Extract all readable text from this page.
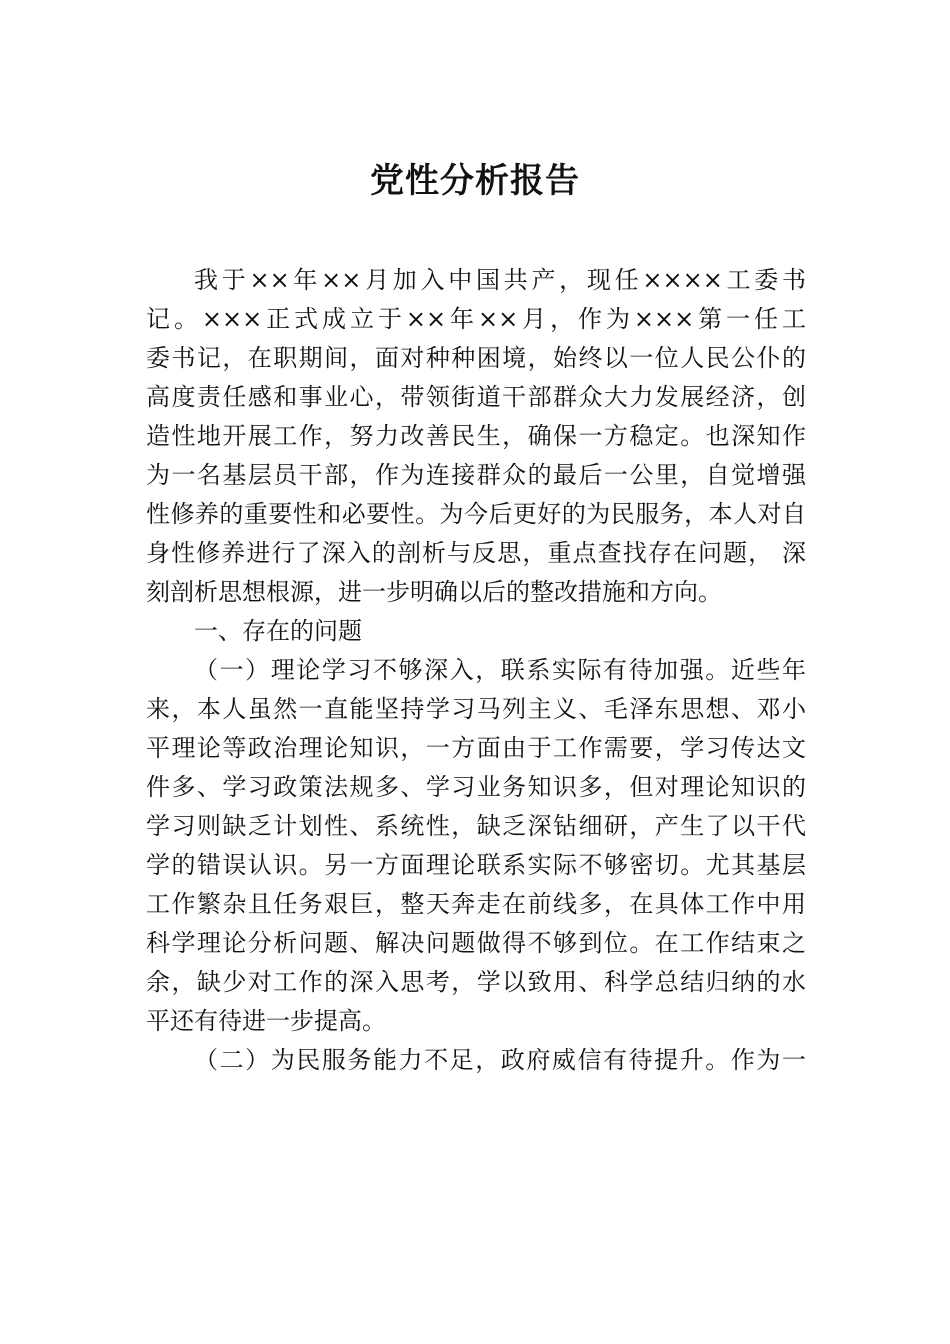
党性分析报告

我于××年××月加入中国共产，现任××××工委书

记。×××正式成立于××年××月，作为×××第一任工

委书记，在职期间，面对种种困境，始终以一位人民公仆的

高度责任感和事业心，带领街道干部群众大力发展经济，创

造性地开展工作，努力改善民生，确保一方稳定。也深知作

为一名基层员干部，作为连接群众的最后一公里，自觉增强

性修养的重要性和必要性。为今后更好的为民服务，本人对自

身性修养进行了深入的剖析与反思，重点查找存在问题， 深

刻剖析思想根源，进一步明确以后的整改措施和方向。

一、存在的问题

（一）理论学习不够深入，联系实际有待加强。近些年

来，本人虽然一直能坚持学习马列主义、毛泽东思想、邓小

平理论等政治理论知识，一方面由于工作需要，学习传达文

件多、学习政策法规多、学习业务知识多，但对理论知识的

学习则缺乏计划性、系统性，缺乏深钻细研，产生了以干代

学的错误认识。另一方面理论联系实际不够密切。尤其基层

工作繁杂且任务艰巨，整天奔走在前线多，在具体工作中用

科学理论分析问题、解决问题做得不够到位。在工作结束之

余，缺少对工作的深入思考，学以致用、科学总结归纳的水

平还有待进一步提高。

（二）为民服务能力不足，政府威信有待提升。作为一
